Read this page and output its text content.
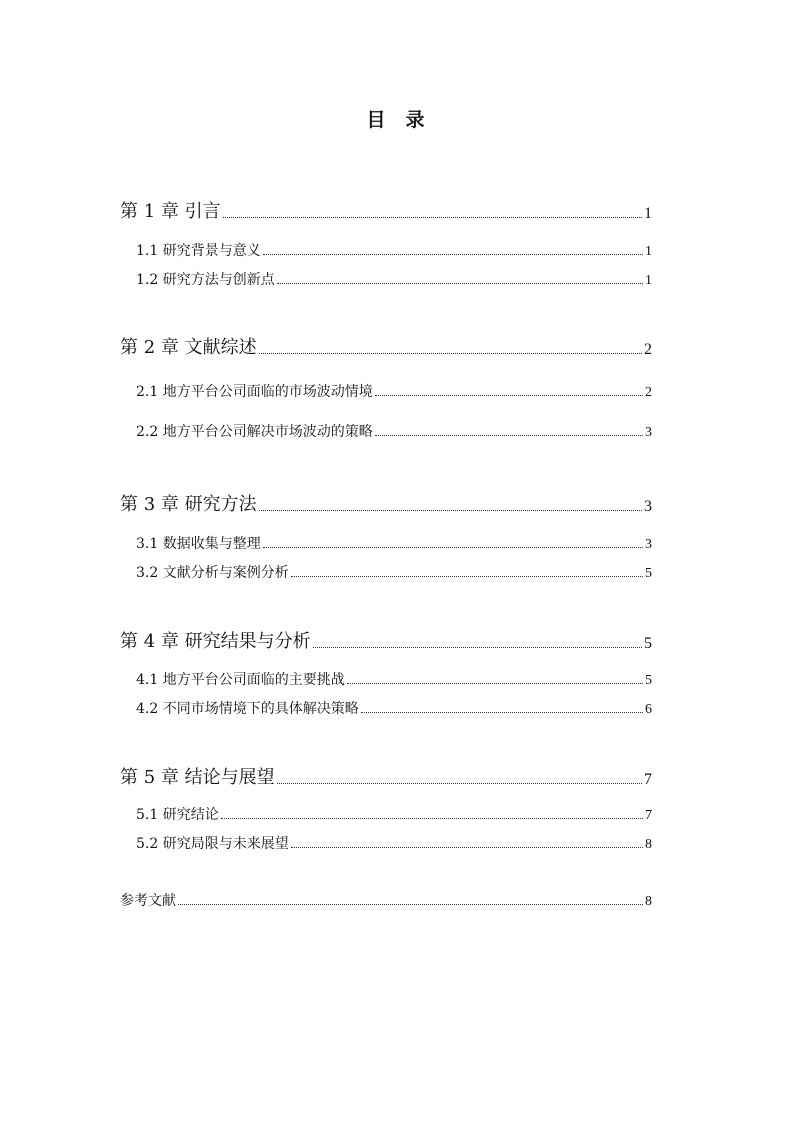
目 录
第 1 章 引言	1
1.1 研究背景与意义	1
1.2 研究方法与创新点	1
第 2 章 文献综述	2
2.1 地方平台公司面临的市场波动情境	2
2.2 地方平台公司解决市场波动的策略	3
第 3 章 研究方法	3
3.1 数据收集与整理	3
3.2 文献分析与案例分析	5
第 4 章 研究结果与分析	5
4.1 地方平台公司面临的主要挑战	5
4.2 不同市场情境下的具体解决策略	6
第 5 章 结论与展望	7
5.1 研究结论	7
5.2 研究局限与未来展望	8
参考文献	8
